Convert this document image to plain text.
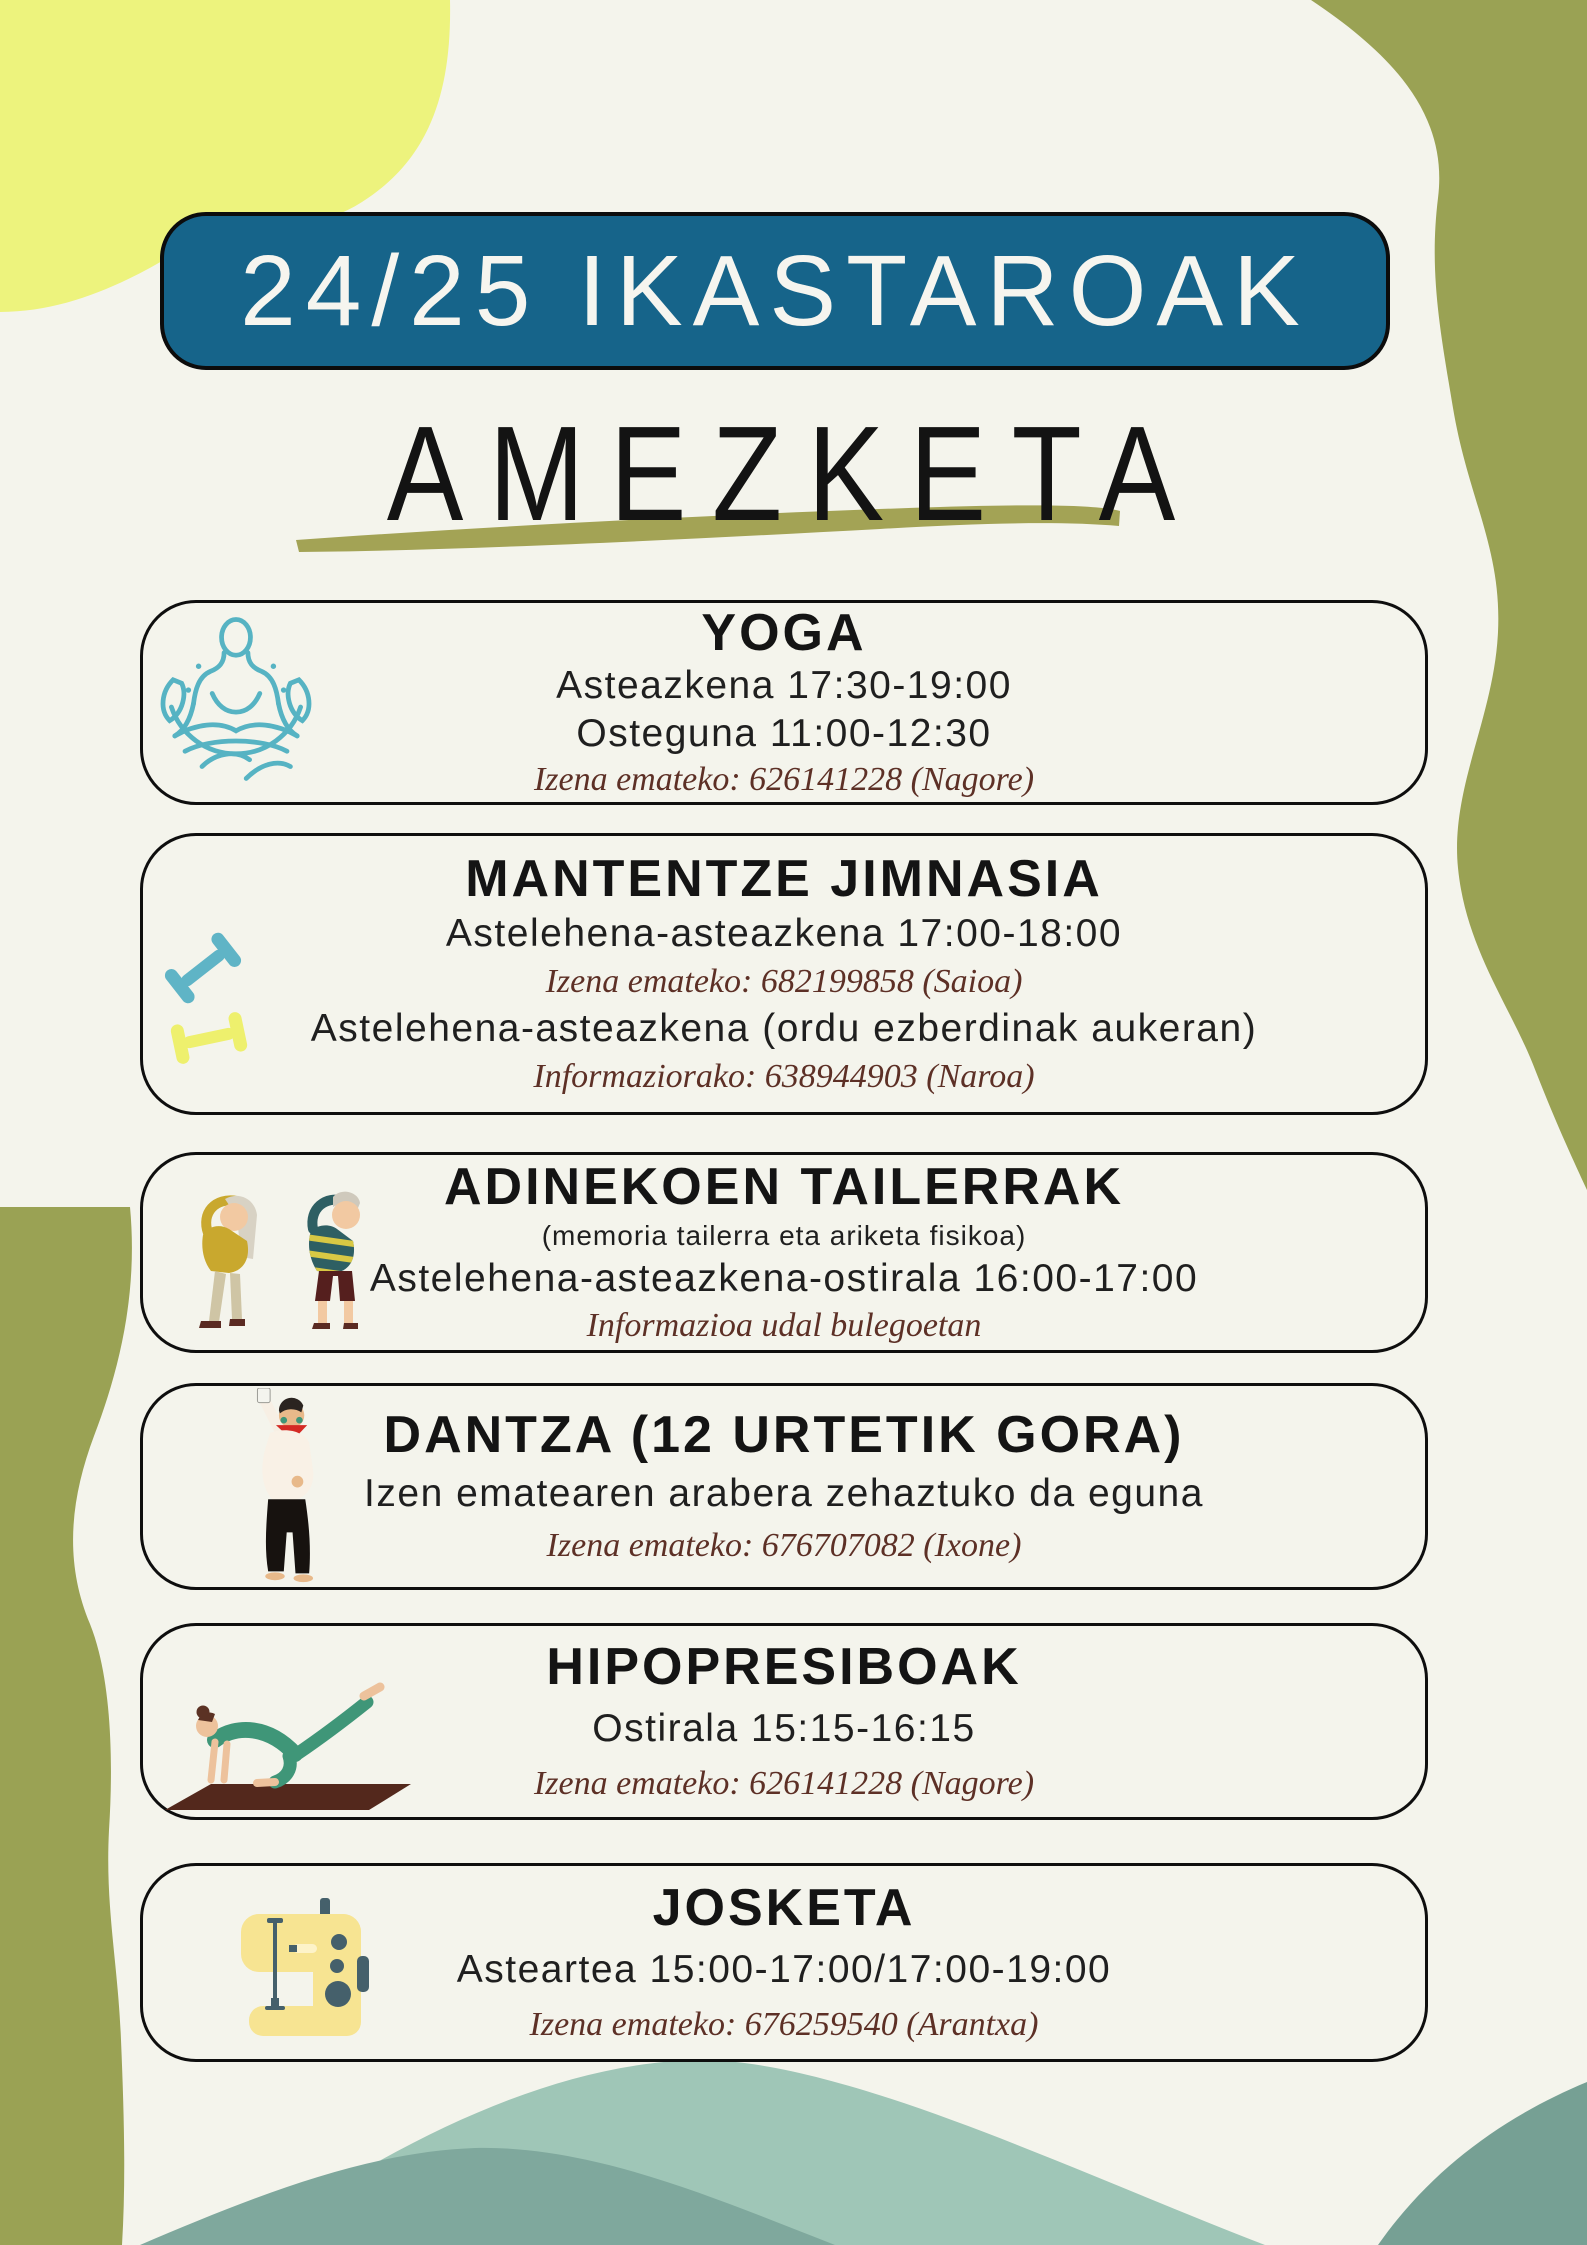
24/25 IKASTAROAK
AMEZKETA
YOGA
Asteazkena 17:30-19:00
Osteguna 11:00-12:30
Izena emateko: 626141228 (Nagore)
MANTENTZE JIMNASIA
Astelehena-asteazkena 17:00-18:00
Izena emateko: 682199858 (Saioa)
Astelehena-asteazkena (ordu ezberdinak aukeran)
Informaziorako: 638944903 (Naroa)
ADINEKOEN TAILERRAK
(memoria tailerra eta ariketa fisikoa)
Astelehena-asteazkena-ostirala 16:00-17:00
Informazioa udal bulegoetan
DANTZA (12 URTETIK GORA)
Izen ematearen arabera zehaztuko da eguna
Izena emateko: 676707082 (Ixone)
HIPOPRESIBOAK
Ostirala 15:15-16:15
Izena emateko: 626141228 (Nagore)
JOSKETA
Asteartea 15:00-17:00/17:00-19:00
Izena emateko: 676259540 (Arantxa)
